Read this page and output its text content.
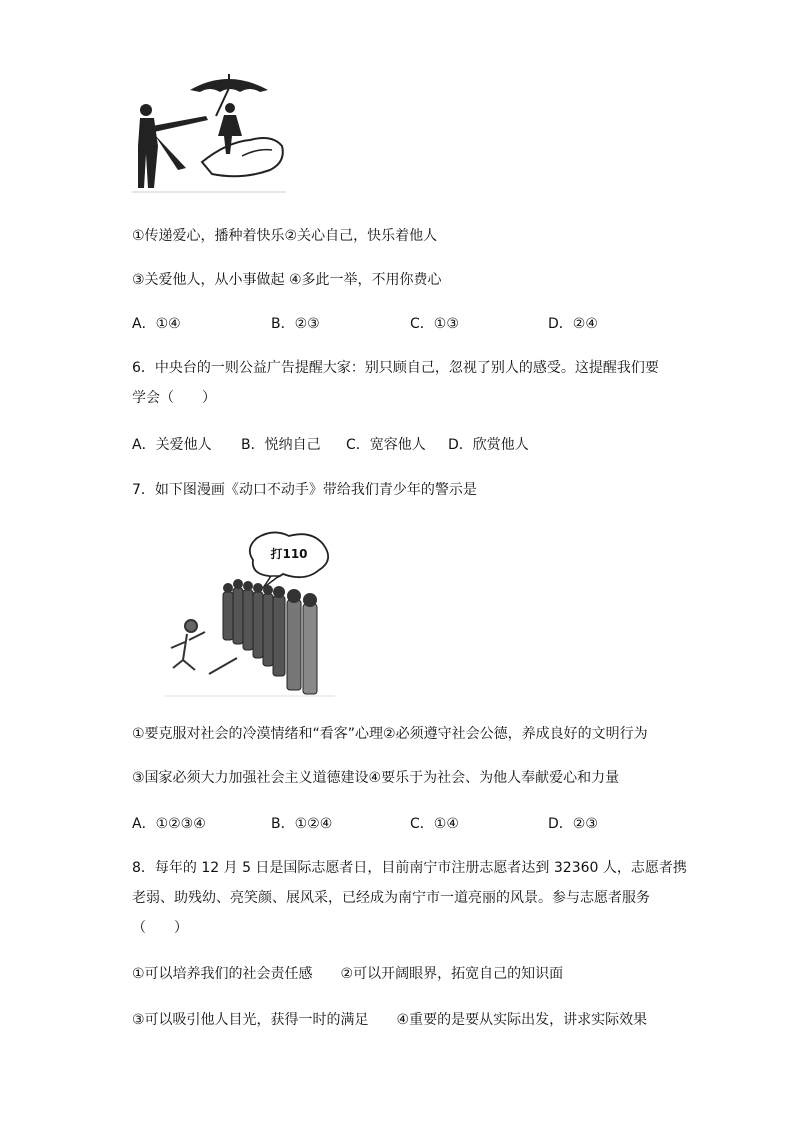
①传递爱心，播种着快乐②关心自己，快乐着他人
③关爱他人，从小事做起 ④多此一举，不用你费心
A．①④	B．②③	C．①③	D．②④
6．中央台的一则公益广告提醒大家：别只顾自己，忽视了别人的感受。这提醒我们要
学会（　　）
A．关爱他人 B．悦纳自己 C．宽容他人 D．欣赏他人
7．如下图漫画《动口不动手》带给我们青少年的警示是
打110
①要克服对社会的冷漠情绪和“看客”心理②必须遵守社会公德，养成良好的文明行为
③国家必须大力加强社会主义道德建设④要乐于为社会、为他人奉献爱心和力量
A．①②③④	B．①②④	C．①④	D．②③
8．每年的 12 月 5 日是国际志愿者日，目前南宁市注册志愿者达到 32360 人，志愿者携
老弱、助残幼、亮笑颜、展风采，已经成为南宁市一道亮丽的风景。参与志愿者服务
（　　）
①可以培养我们的社会责任感　　②可以开阔眼界，拓宽自己的知识面
③可以吸引他人目光，获得一时的满足　　④重要的是要从实际出发，讲求实际效果
